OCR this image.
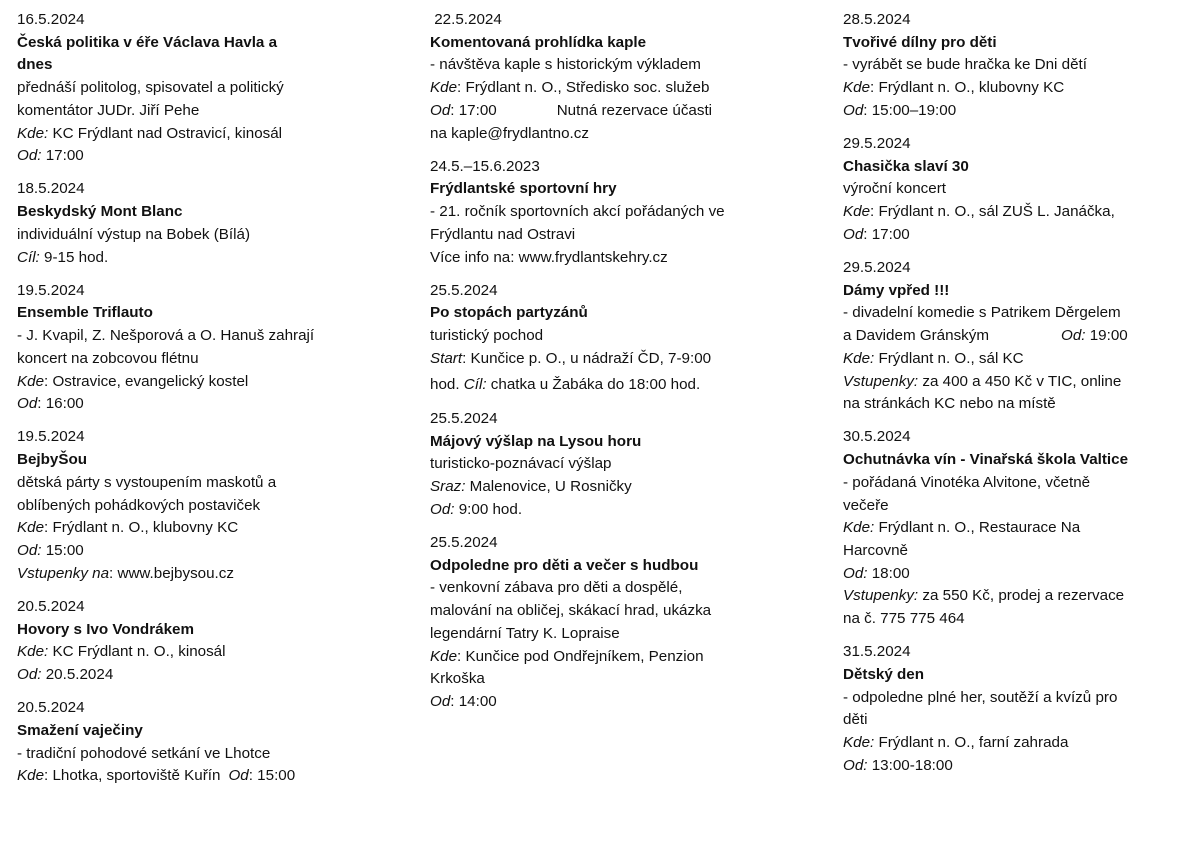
16.5.2024
Česká politika v éře Václava Havla a
dnes
přednáší politolog, spisovatel a politický
komentátor JUDr. Jiří Pehe
Kde: KC Frýdlant nad Ostravicí, kinosál
Od: 17:00
18.5.2024
Beskydský Mont Blanc
individuální výstup na Bobek (Bílá)
Cíl: 9-15 hod.
19.5.2024
Ensemble Triflauto
- J. Kvapil, Z. Nešporová a O. Hanuš zahrají
koncert na zobcovou flétnu
Kde: Ostravice, evangelický kostel
Od: 16:00
19.5.2024
BejbyŠou
dětská párty s vystoupením maskotů a
oblíbených pohádkových postaviček
Kde: Frýdlant n. O., klubovny KC
Od: 15:00
Vstupenky na: www.bejbysou.cz
20.5.2024
Hovory s Ivo Vondrákem
Kde: KC Frýdlant n. O., kinosál
Od: 20.5.2024
20.5.2024
Smažení vaječiny
- tradiční pohodové setkání ve Lhotce
Kde: Lhotka, sportoviště Kuřín Od: 15:00
22.5.2024
Komentovaná prohlídka kaple
- návštěva kaple s historickým výkladem
Kde: Frýdlant n. O., Středisko soc. služeb
Od: 17:00	Nutná rezervace účasti
na kaple@frydlantno.cz
24.5.–15.6.2023
Frýdlantské sportovní hry
- 21. ročník sportovních akcí pořádaných ve
Frýdlantu nad Ostravi
Více info na: www.frydlantskehry.cz
25.5.2024
Po stopách partyzánů
turistický pochod
Start: Kunčice p. O., u nádraží ČD, 7-9:00
hod. Cíl: chatka u Žabáka do 18:00 hod.
25.5.2024
Májový výšlap na Lysou horu
turisticko-poznávací výšlap
Sraz: Malenovice, U Rosničky
Od: 9:00 hod.
25.5.2024
Odpoledne pro děti a večer s hudbou
- venkovní zábava pro děti a dospělé,
malování na obličej, skákací hrad, ukázka
legendární Tatry K. Lopraise
Kde: Kunčice pod Ondřejníkem, Penzion
Krkoška
Od: 14:00
28.5.2024
Tvořivé dílny pro děti
- vyrábět se bude hračka ke Dni dětí
Kde: Frýdlant n. O., klubovny KC
Od: 15:00–19:00
29.5.2024
Chasička slaví 30
výroční koncert
Kde: Frýdlant n. O., sál ZUŠ L. Janáčka,
Od: 17:00
29.5.2024
Dámy vpřed !!!
- divadelní komedie s Patrikem Děrgelem
a Davidem Gránským	Od: 19:00
Kde: Frýdlant n. O., sál KC
Vstupenky: za 400 a 450 Kč v TIC, online
na stránkách KC nebo na místě
30.5.2024
Ochutnávka vín - Vinařská škola Valtice
- pořádaná Vinotéka Alvitone, včetně
večeře
Kde: Frýdlant n. O., Restaurace Na
Harcovně
Od: 18:00
Vstupenky: za 550 Kč, prodej a rezervace
na č. 775 775 464
31.5.2024
Dětský den
- odpoledne plné her, soutěží a kvízů pro
děti
Kde: Frýdlant n. O., farní zahrada
Od: 13:00-18:00
